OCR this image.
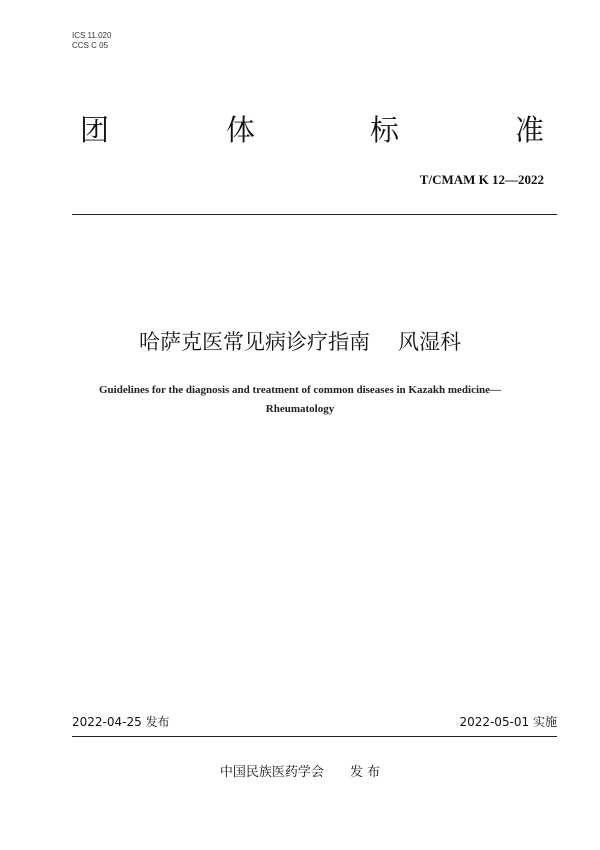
ICS 11.020
CCS C 05
团	体	标	准
T/CMAM K 12—2022
哈萨克医常见病诊疗指南 风湿科
Guidelines for the diagnosis and treatment of common diseases in Kazakh medicine—
Rheumatology
2022-04-25 发布	2022-05-01 实施
中国民族医药学会 发 布
